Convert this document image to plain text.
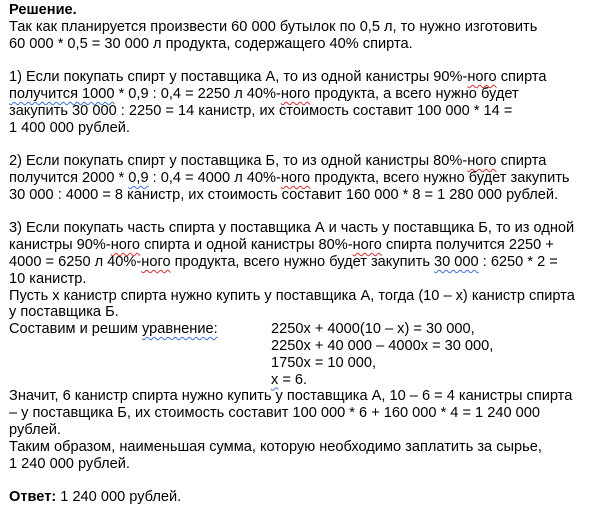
Решение.
Так как планируется произвести 60 000 бутылок по 0,5 л, то нужно изготовить
60 000 * 0,5 = 30 000 л продукта, содержащего 40% спирта.
1) Если покупать спирт у поставщика А, то из одной канистры 90%-ного спирта
получится 1000 * 0,9 : 0,4 = 2250 л 40%-ного продукта, а всего нужно будет
закупить 30 000 : 2250 = 14 канистр, их стоимость составит 100 000 * 14 =
1 400 000 рублей.
2) Если покупать спирт у поставщика Б, то из одной канистры 80%-ного спирта
получится 2000 * 0,9 : 0,4 = 4000 л 40%-ного продукта, всего нужно будет закупить
30 000 : 4000 = 8 канистр, их стоимость составит 160 000 * 8 = 1 280 000 рублей.
3) Если покупать часть спирта у поставщика А и часть у поставщика Б, то из одной
канистры 90%-ного спирта и одной канистры 80%-ного спирта получится 2250 +
4000 = 6250 л 40%-ного продукта, всего нужно будет закупить 30 000 : 6250 * 2 =
10 канистр.
Пусть х канистр спирта нужно купить у поставщика А, тогда (10 – х) канистр спирта
у поставщика Б.
Составим и решим уравнение:	2250х + 4000(10 – х) = 30 000,
2250х + 40 000 – 4000х = 30 000,
1750х = 10 000,
х = 6.
Значит, 6 канистр спирта нужно купить у поставщика А, 10 – 6 = 4 канистры спирта
– у поставщика Б, их стоимость составит 100 000 * 6 + 160 000 * 4 = 1 240 000
рублей.
Таким образом, наименьшая сумма, которую необходимо заплатить за сырье,
1 240 000 рублей.
Ответ: 1 240 000 рублей.
